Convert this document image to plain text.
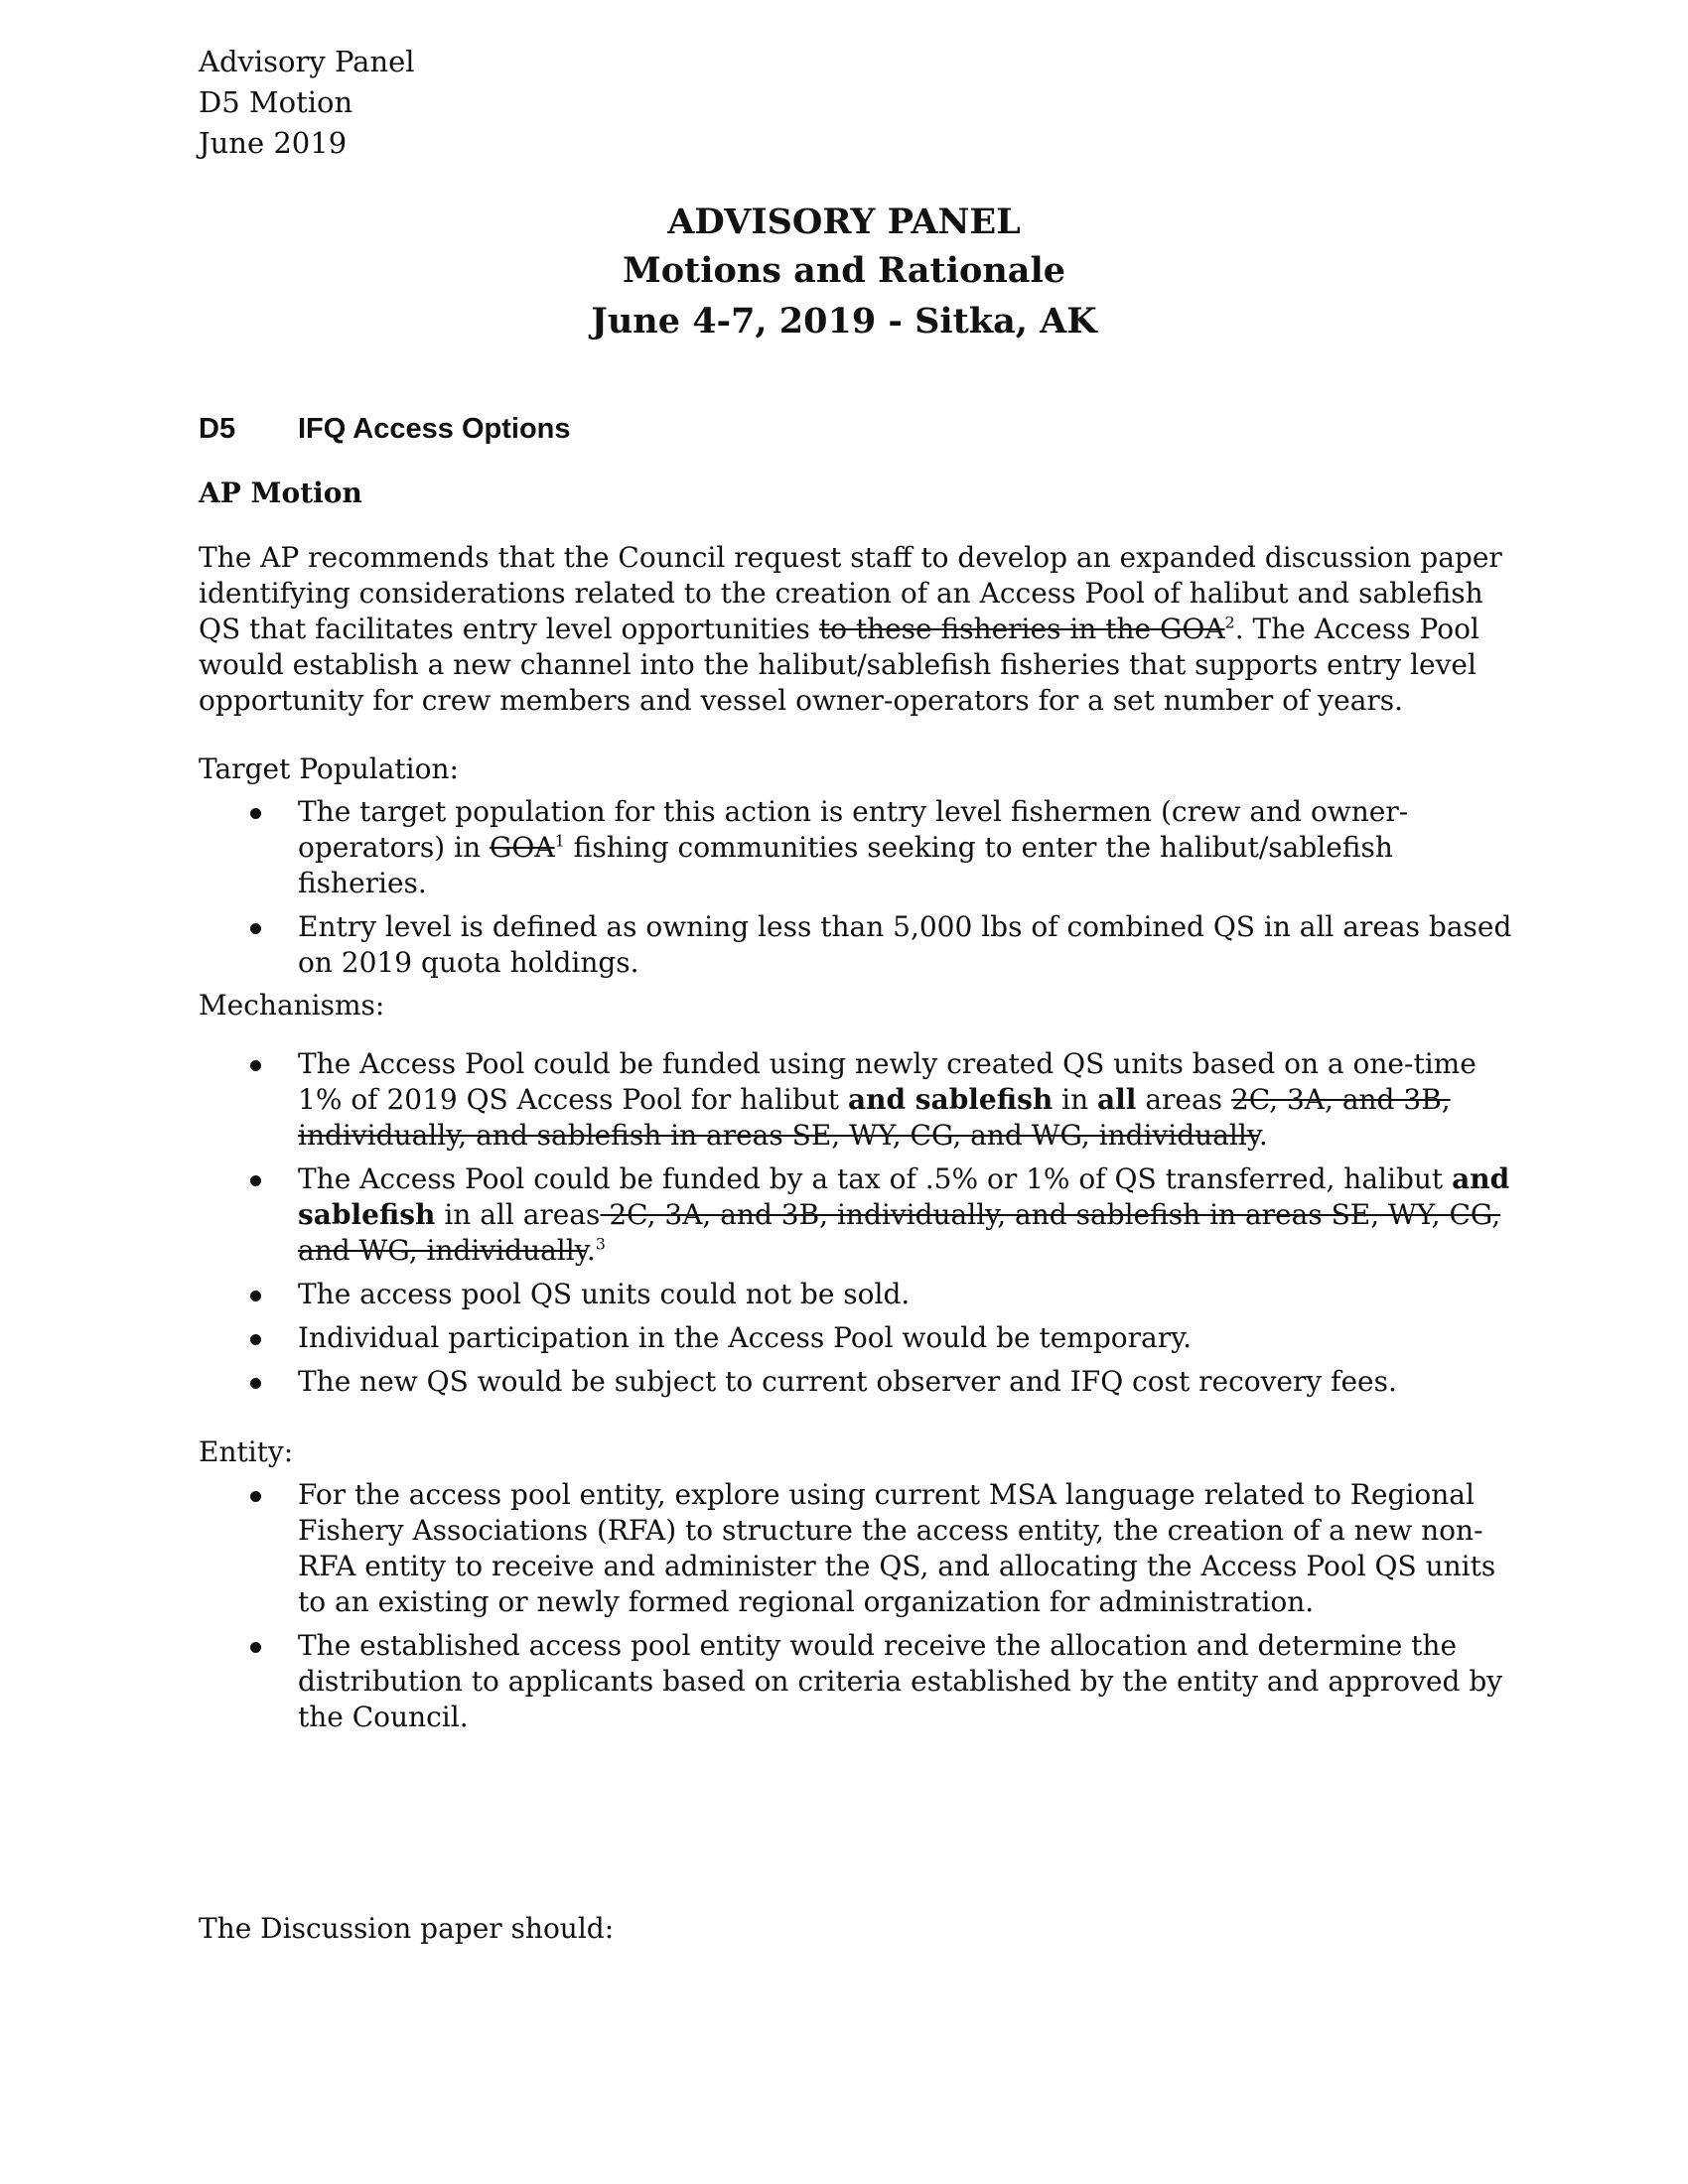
Advisory Panel
D5 Motion
June 2019
ADVISORY PANEL
Motions and Rationale
June 4-7, 2019 - Sitka, AK
D5 IFQ Access Options
AP Motion
The AP recommends that the Council request staff to develop an expanded discussion paper identifying considerations related to the creation of an Access Pool of halibut and sablefish QS that facilitates entry level opportunities to these fisheries in the GOA$^2$. The Access Pool would establish a new channel into the halibut/sablefish fisheries that supports entry level opportunity for crew members and vessel owner-operators for a set number of years.
Target Population:
The target population for this action is entry level fishermen (crew and owner-operators) in GOA$^1$ fishing communities seeking to enter the halibut/sablefish fisheries.
Entry level is defined as owning less than 5,000 lbs of combined QS in all areas based on 2019 quota holdings.
Mechanisms:
The Access Pool could be funded using newly created QS units based on a one-time 1% of 2019 QS Access Pool for halibut and sablefish in all areas 2C, 3A, and 3B, individually, and sablefish in areas SE, WY, CG, and WG, individually.
The Access Pool could be funded by a tax of .5% or 1% of QS transferred, halibut and sablefish in all areas 2C, 3A, and 3B, individually, and sablefish in areas SE, WY, CG, and WG, individually.$^3$
The access pool QS units could not be sold.
Individual participation in the Access Pool would be temporary.
The new QS would be subject to current observer and IFQ cost recovery fees.
Entity:
For the access pool entity, explore using current MSA language related to Regional Fishery Associations (RFA) to structure the access entity, the creation of a new non- RFA entity to receive and administer the QS, and allocating the Access Pool QS units to an existing or newly formed regional organization for administration.
The established access pool entity would receive the allocation and determine the distribution to applicants based on criteria established by the entity and approved by the Council.
The Discussion paper should:
